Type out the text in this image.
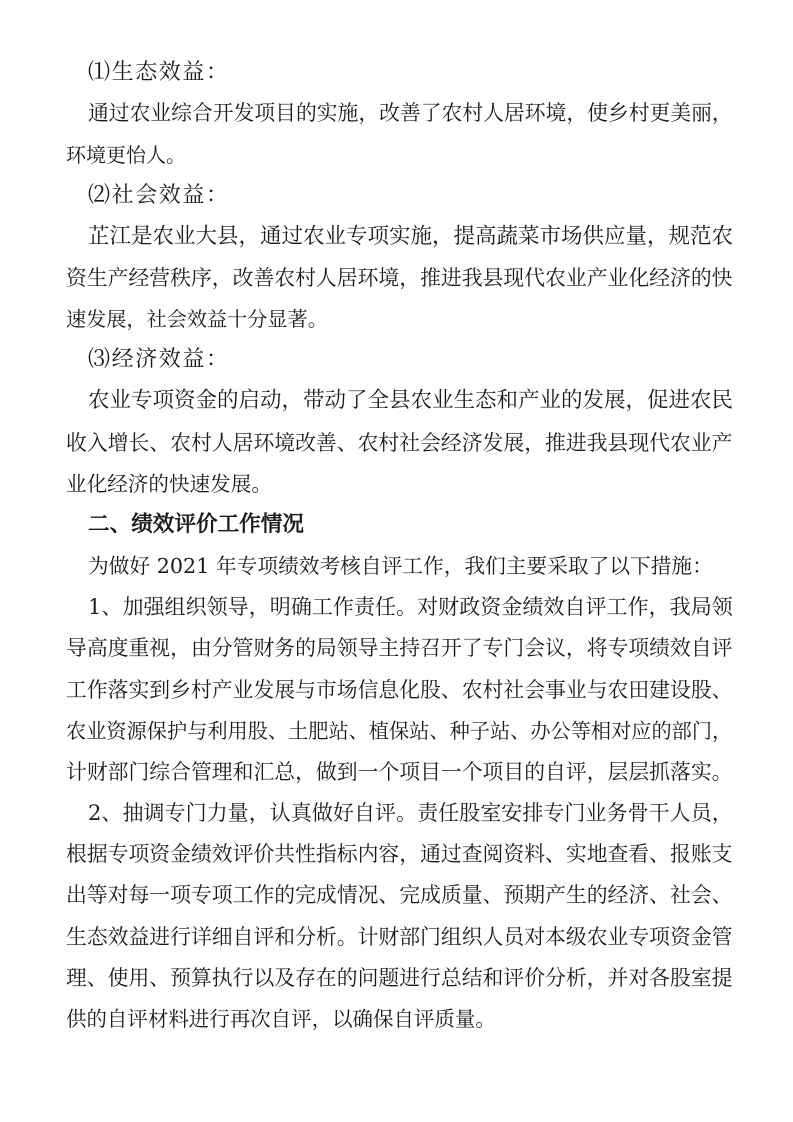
⑴生态效益：
通过农业综合开发项目的实施，改善了农村人居环境，使乡村更美丽，
环境更怡人。
⑵社会效益：
芷江是农业大县，通过农业专项实施，提高蔬菜市场供应量，规范农
资生产经营秩序，改善农村人居环境，推进我县现代农业产业化经济的快
速发展，社会效益十分显著。
⑶经济效益：
农业专项资金的启动，带动了全县农业生态和产业的发展，促进农民
收入增长、农村人居环境改善、农村社会经济发展，推进我县现代农业产
业化经济的快速发展。
二、绩效评价工作情况
为做好 2021 年专项绩效考核自评工作，我们主要采取了以下措施：
1、加强组织领导，明确工作责任。对财政资金绩效自评工作，我局领
导高度重视，由分管财务的局领导主持召开了专门会议，将专项绩效自评
工作落实到乡村产业发展与市场信息化股、农村社会事业与农田建设股、
农业资源保护与利用股、土肥站、植保站、种子站、办公等相对应的部门，
计财部门综合管理和汇总，做到一个项目一个项目的自评，层层抓落实。
2、抽调专门力量，认真做好自评。责任股室安排专门业务骨干人员，
根据专项资金绩效评价共性指标内容，通过查阅资料、实地查看、报账支
出等对每一项专项工作的完成情况、完成质量、预期产生的经济、社会、
生态效益进行详细自评和分析。计财部门组织人员对本级农业专项资金管
理、使用、预算执行以及存在的问题进行总结和评价分析，并对各股室提
供的自评材料进行再次自评，以确保自评质量。
